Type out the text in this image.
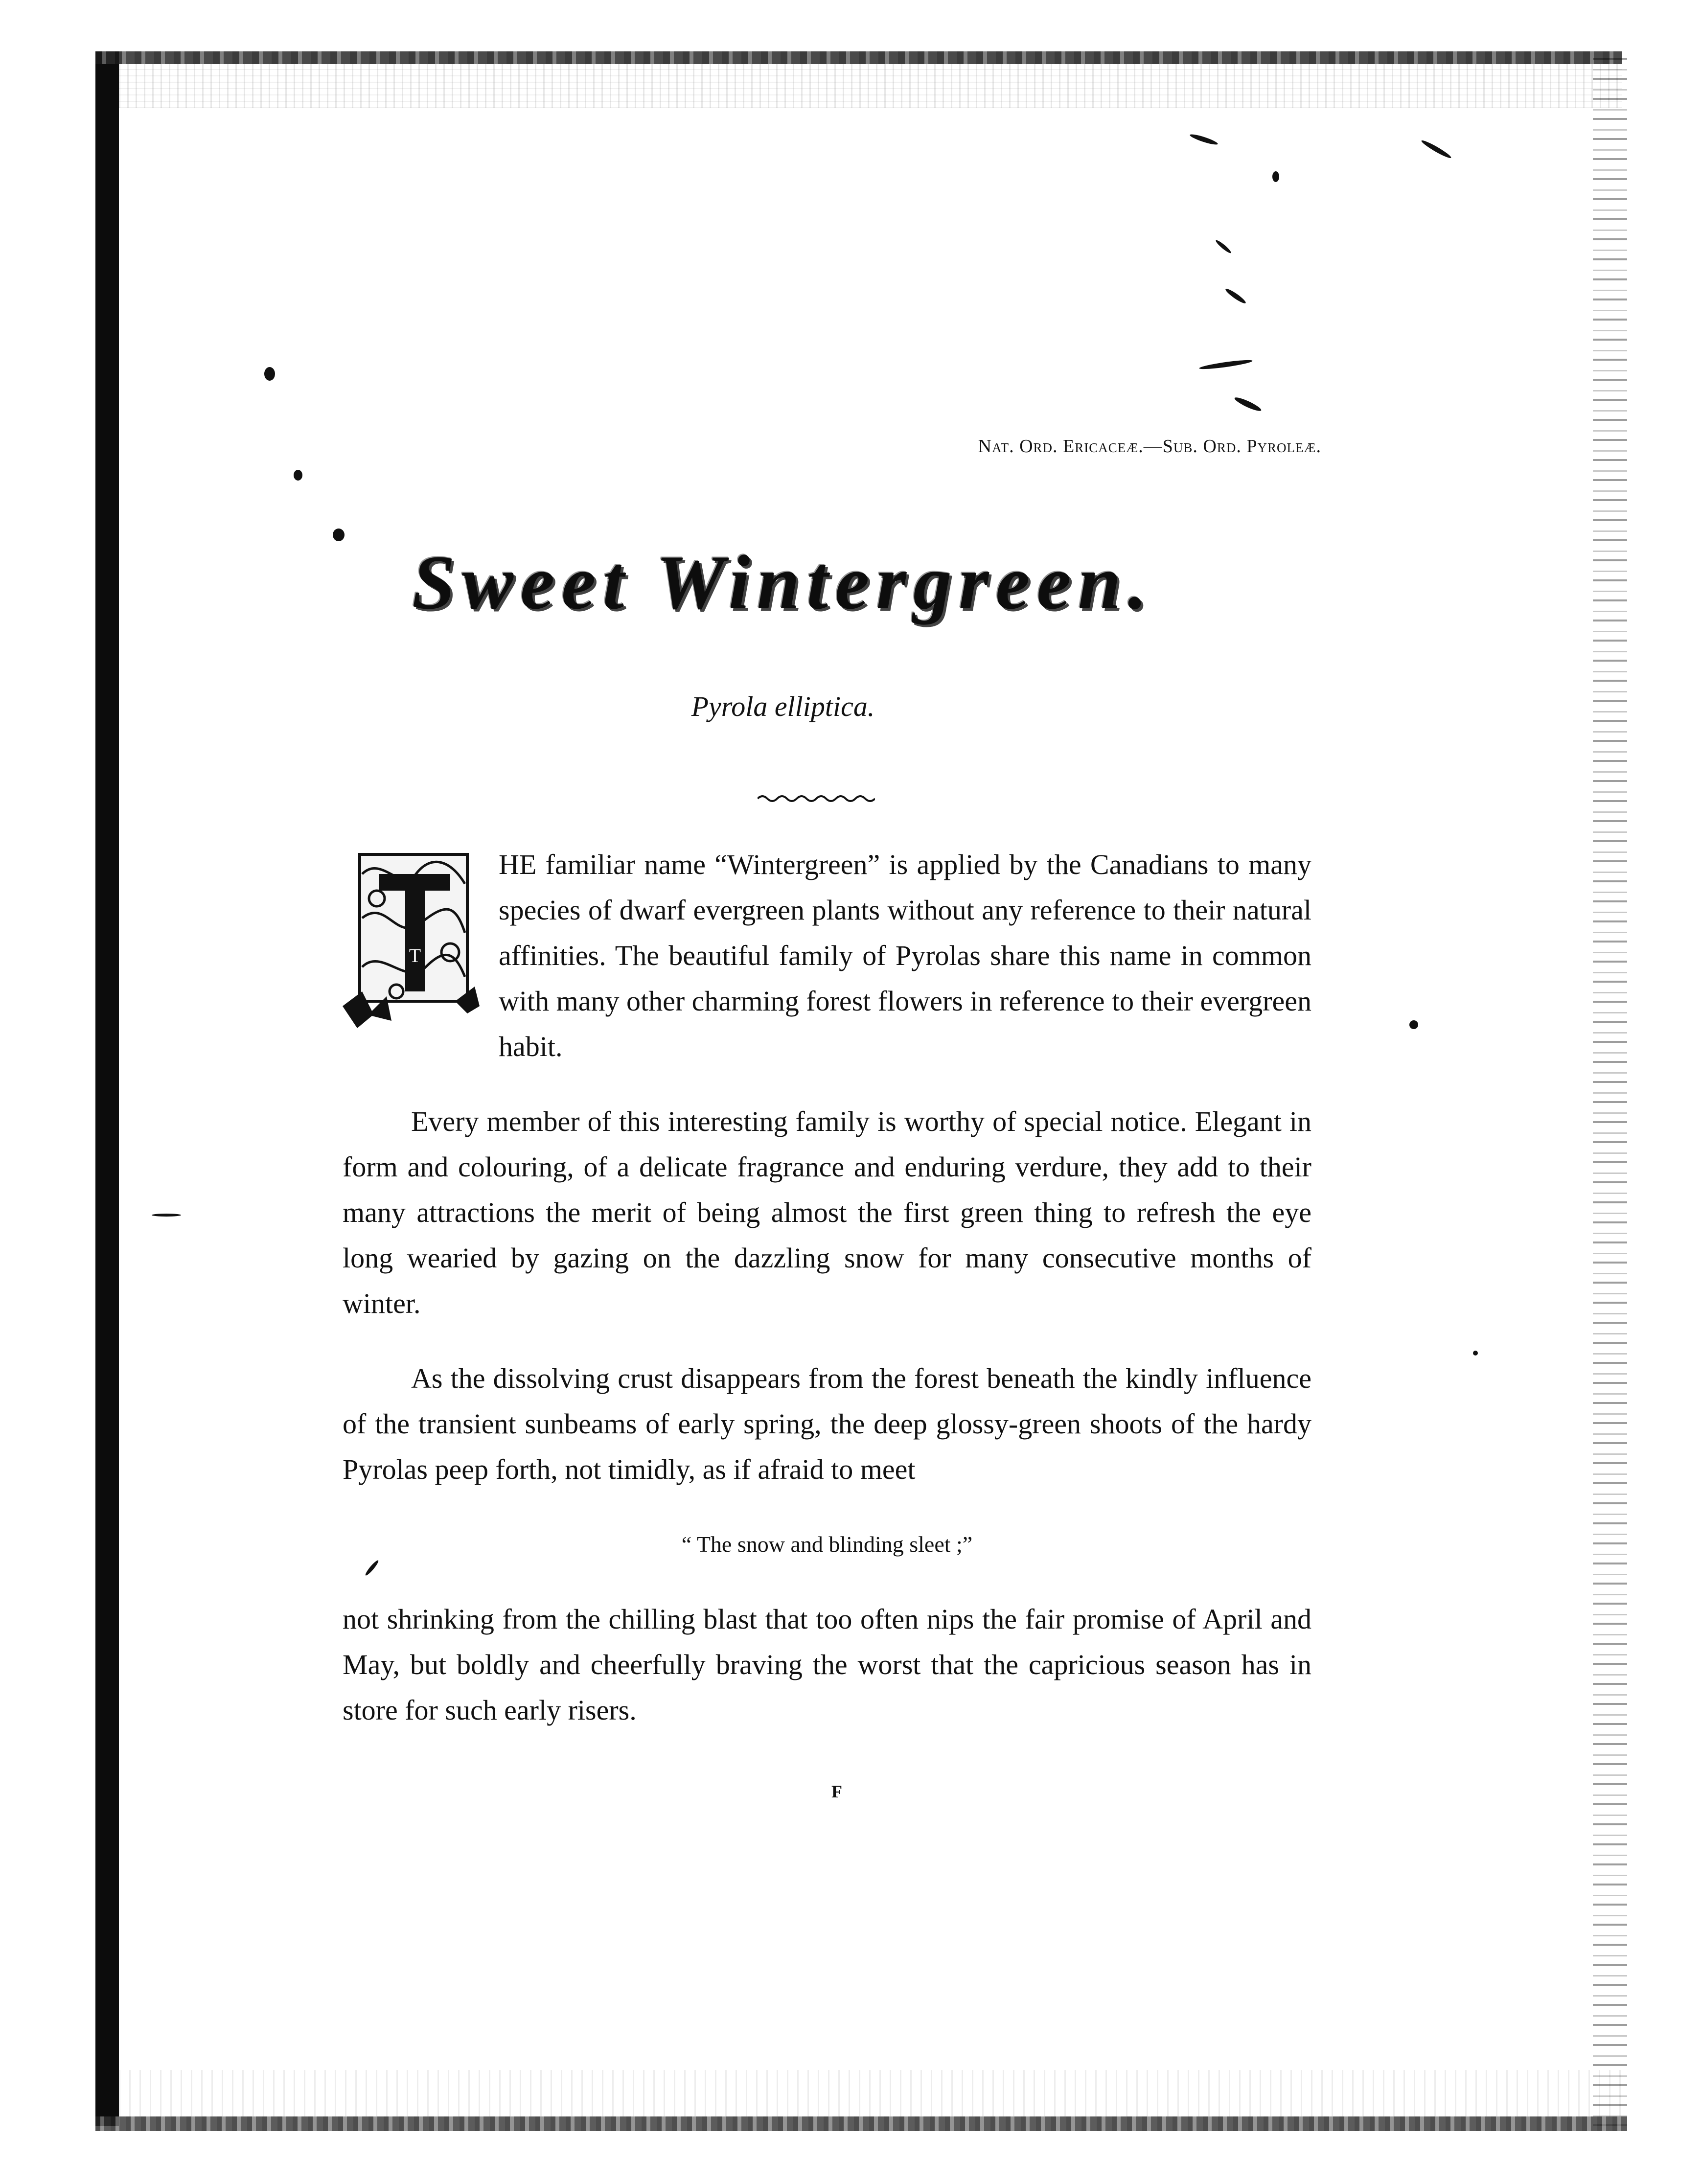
Nat. Ord. Ericaceæ.—Sub. Ord. Pyroleæ.
Sweet Wintergreen.
Pyrola elliptica.

T
HE familiar name “Wintergreen” is applied by the Canadians to many species of dwarf evergreen plants without any reference to their natural affinities. The beautiful family of Pyrolas share this name in common with many other charming forest flowers in reference to their evergreen habit.

Every member of this interesting family is worthy of special notice. Elegant in form and colouring, of a delicate fragrance and enduring verdure, they add to their many attractions the merit of being almost the first green thing to refresh the eye long wearied by gazing on the dazzling snow for many consecutive months of winter.

As the dissolving crust disappears from the forest beneath the kindly influence of the transient sunbeams of early spring, the deep glossy-green shoots of the hardy Pyrolas peep forth, not timidly, as if afraid to meet

“ The snow and blinding sleet ;”

not shrinking from the chilling blast that too often nips the fair promise of April and May, but boldly and cheerfully braving the worst that the capricious season has in store for such early risers.

F
